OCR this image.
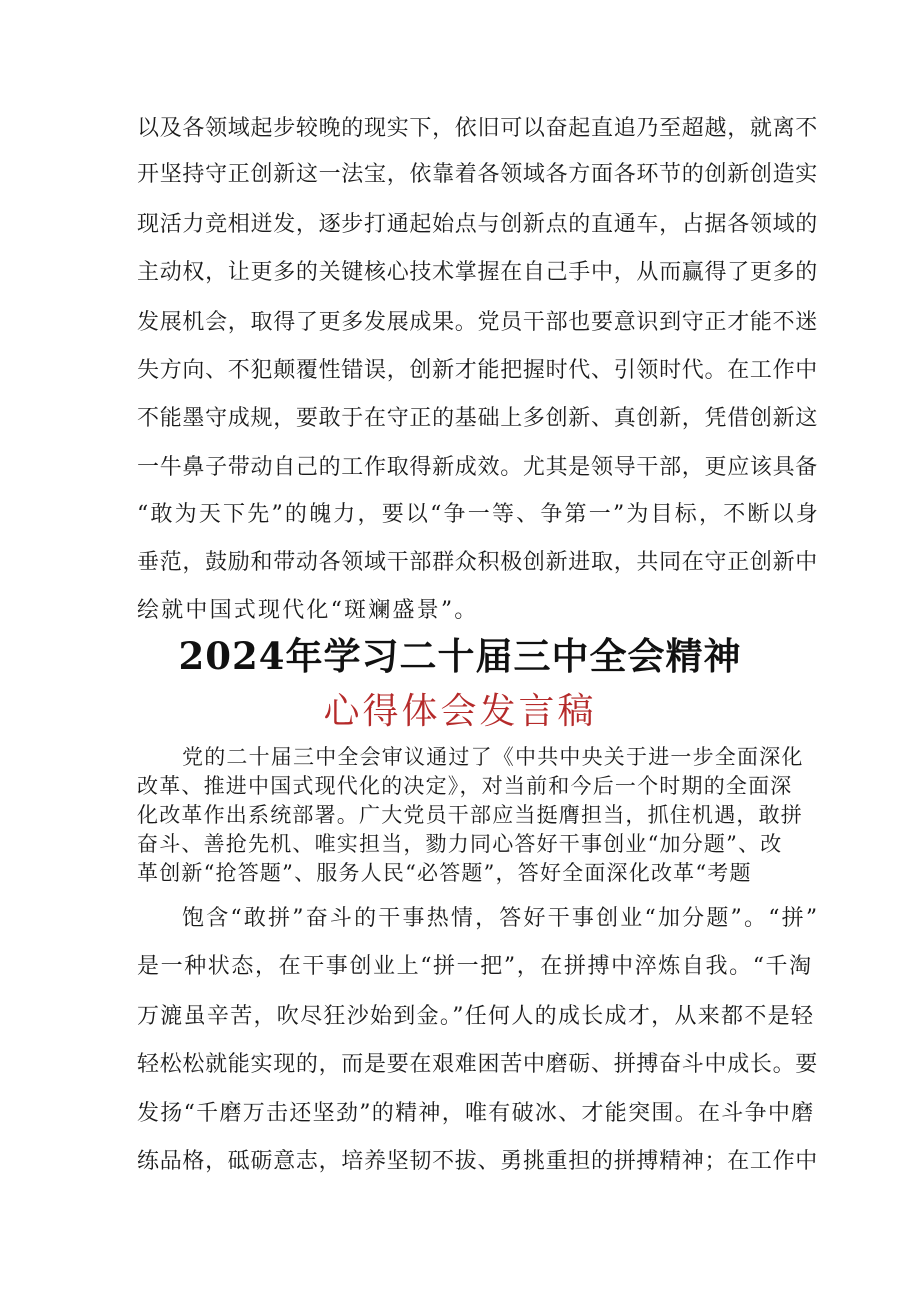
以及各领域起步较晚的现实下，依旧可以奋起直追乃至超越，就离不
开坚持守正创新这一法宝，依靠着各领域各方面各环节的创新创造实
现活力竞相迸发，逐步打通起始点与创新点的直通车，占据各领域的
主动权，让更多的关键核心技术掌握在自己手中，从而赢得了更多的
发展机会，取得了更多发展成果。党员干部也要意识到守正才能不迷
失方向、不犯颠覆性错误，创新才能把握时代、引领时代。在工作中
不能墨守成规，要敢于在守正的基础上多创新、真创新，凭借创新这
一牛鼻子带动自己的工作取得新成效。尤其是领导干部，更应该具备
“敢为天下先”的魄力，要以“争一等、争第一”为目标，不断以身
垂范，鼓励和带动各领域干部群众积极创新进取，共同在守正创新中
绘就中国式现代化“斑斓盛景”。
2024年学习二十届三中全会精神
心得体会发言稿
党的二十届三中全会审议通过了《中共中央关于进一步全面深化
改革、推进中国式现代化的决定》，对当前和今后一个时期的全面深
化改革作出系统部署。广大党员干部应当挺膺担当，抓住机遇，敢拼
奋斗、善抢先机、唯实担当，勠力同心答好干事创业“加分题”、改
革创新“抢答题”、服务人民“必答题”，答好全面深化改革“考题
饱含“敢拼”奋斗的干事热情，答好干事创业“加分题”。“拼”
是一种状态，在干事创业上“拼一把”，在拼搏中淬炼自我。“千淘
万漉虽辛苦，吹尽狂沙始到金。”任何人的成长成才，从来都不是轻
轻松松就能实现的，而是要在艰难困苦中磨砺、拼搏奋斗中成长。要
发扬“千磨万击还坚劲”的精神，唯有破冰、才能突围。在斗争中磨
练品格，砥砺意志，培养坚韧不拔、勇挑重担的拼搏精神；在工作中
